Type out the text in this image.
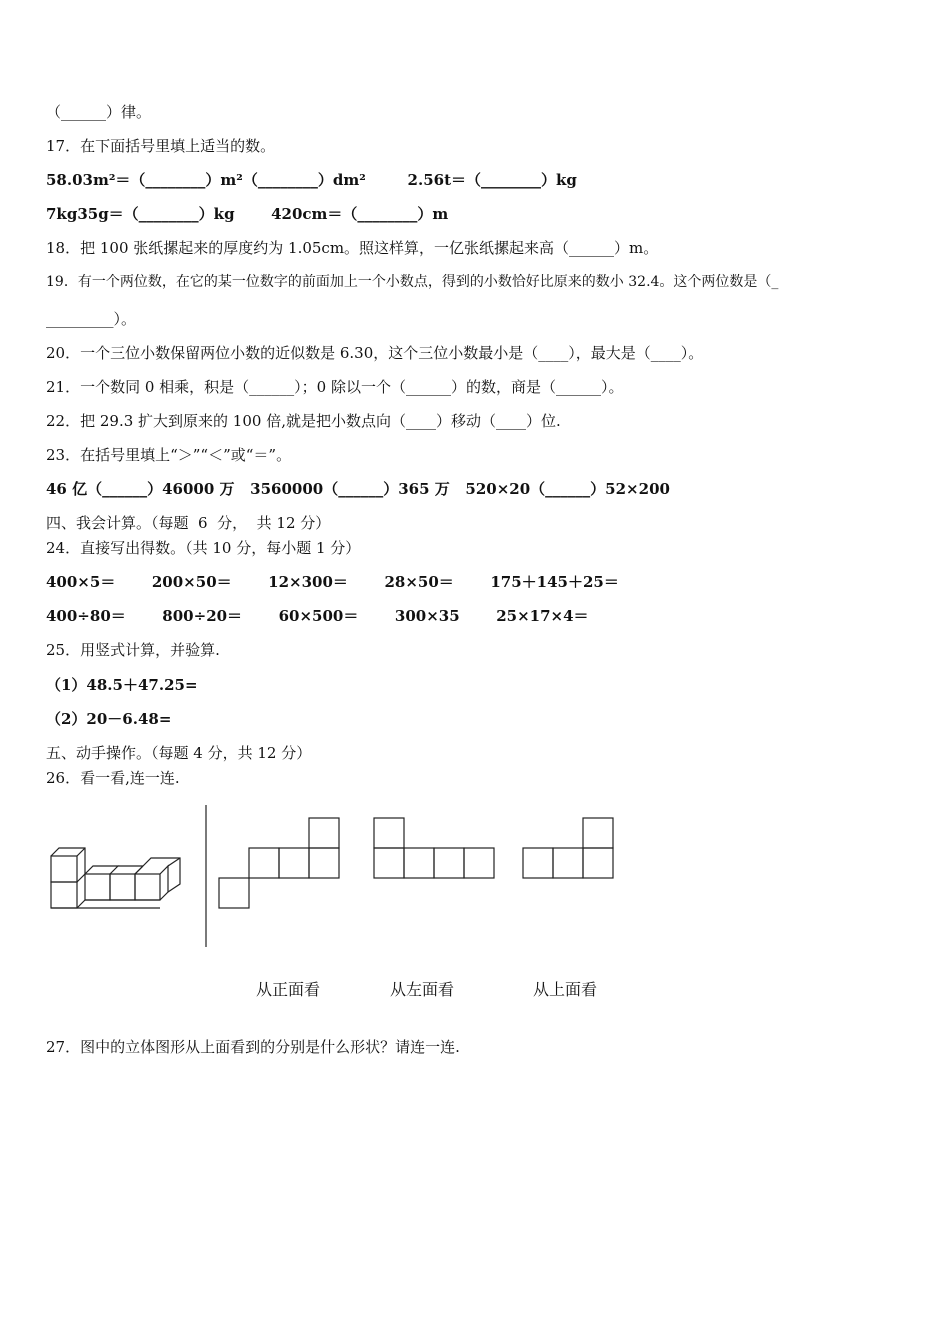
（______）律。
17．在下面括号里填上适当的数。
58.03m²＝（________）m²（________）dm²        2.56t＝（________）kg
7kg35g＝（________）kg       420cm＝（________）m
18．把 100 张纸摞起来的厚度约为 1.05cm。照这样算，一亿张纸摞起来高（______）m。
19．有一个两位数，在它的某一位数字的前面加上一个小数点，得到的小数恰好比原来的数小 32.4。这个两位数是（_
_________）。
20．一个三位小数保留两位小数的近似数是 6.30，这个三位小数最小是（____），最大是（____）。
21．一个数同 0 相乘，积是（______）；0 除以一个（______）的数，商是（______）。
22．把 29.3 扩大到原来的 100 倍,就是把小数点向（____）移动（____）位.
23．在括号里填上“＞”“＜”或“＝”。
46 亿（______）46000 万   3560000（______）365 万   520×20（______）52×200
四、我会计算。（每题  6  分，  共 12 分）
24．直接写出得数。（共 10 分，每小题 1 分）
400×5＝       200×50＝       12×300＝       28×50＝       175＋145＋25＝
400÷80＝       800÷20＝       60×500＝       300×35       25×17×4＝
25．用竖式计算，并验算.
（1）48.5＋47.25=
（2）20－6.48=
五、动手操作。（每题 4 分，共 12 分）
26．看一看,连一连.
从正面看	从左面看	从上面看
27．图中的立体图形从上面看到的分别是什么形状？请连一连.
